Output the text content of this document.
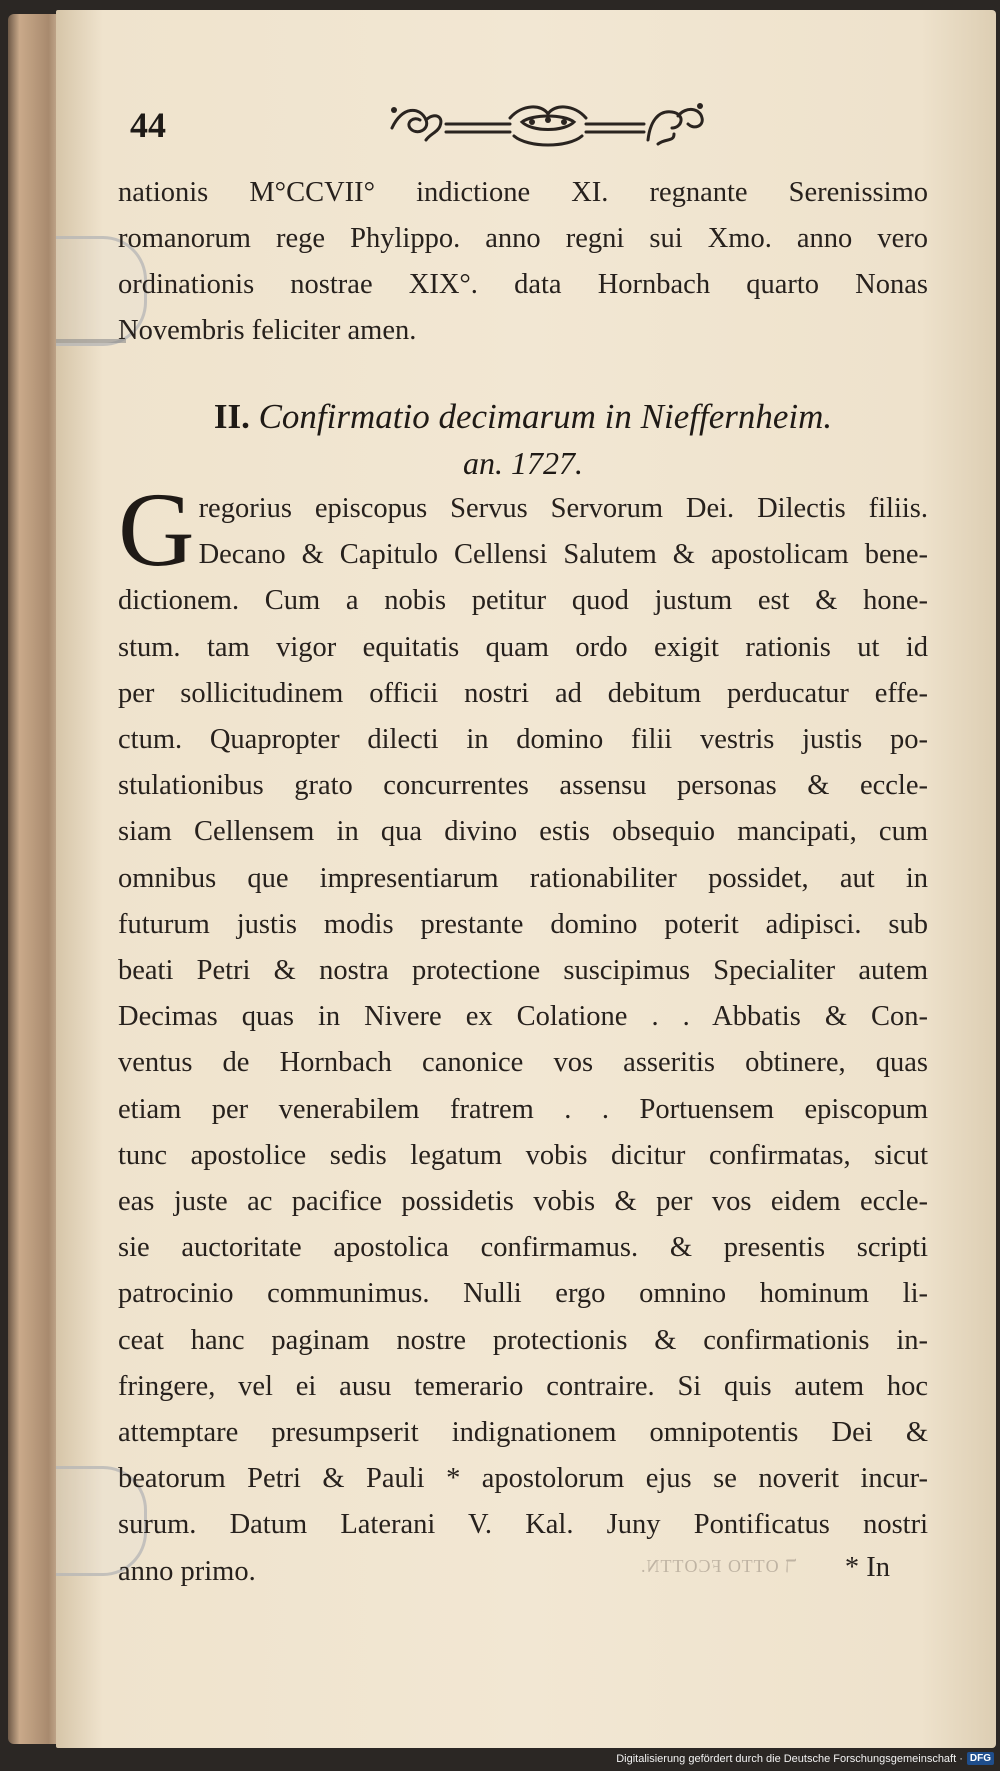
44
nationis M°CCVII° indictione XI. regnante Serenissimo
romanorum rege Phylippo. anno regni sui Xmo. anno vero
ordinationis nostrae XIX°. data Hornbach quarto Nonas
Novembris feliciter amen.
II. Confirmatio decimarum in Nieffernheim.
an. 1727.
G regorius episcopus Servus Servorum Dei. Dilectis filiis.
Decano & Capitulo Cellensi Salutem & apostolicam bene-
dictionem. Cum a nobis petitur quod justum est & hone-
stum. tam vigor equitatis quam ordo exigit rationis ut id
per sollicitudinem officii nostri ad debitum perducatur effe-
ctum. Quapropter dilecti in domino filii vestris justis po-
stulationibus grato concurrentes assensu personas & eccle-
siam Cellensem in qua divino estis obsequio mancipati, cum
omnibus que impresentiarum rationabiliter possidet, aut in
futurum justis modis prestante domino poterit adipisci. sub
beati Petri & nostra protectione suscipimus Specialiter autem
Decimas quas in Nivere ex Colatione . . Abbatis & Con-
ventus de Hornbach canonice vos asseritis obtinere, quas
etiam per venerabilem fratrem . . Portuensem episcopum
tunc apostolice sedis legatum vobis dicitur confirmatas, sicut
eas juste ac pacifice possidetis vobis & per vos eidem eccle-
sie auctoritate apostolica confirmamus. & presentis scripti
patrocinio communimus. Nulli ergo omnino hominum li-
ceat hanc paginam nostre protectionis & confirmationis in-
fringere, vel ei ausu temerario contraire. Si quis autem hoc
attemptare presumpserit indignationem omnipotentis Dei &
beatorum Petri & Pauli * apostolorum ejus se noverit incur-
surum. Datum Laterani V. Kal. Juny Pontificatus nostri
anno primo.	ℸ OTTO FCOTTN. * In
Digitalisierung gefördert durch die Deutsche Forschungsgemeinschaft · DFG
